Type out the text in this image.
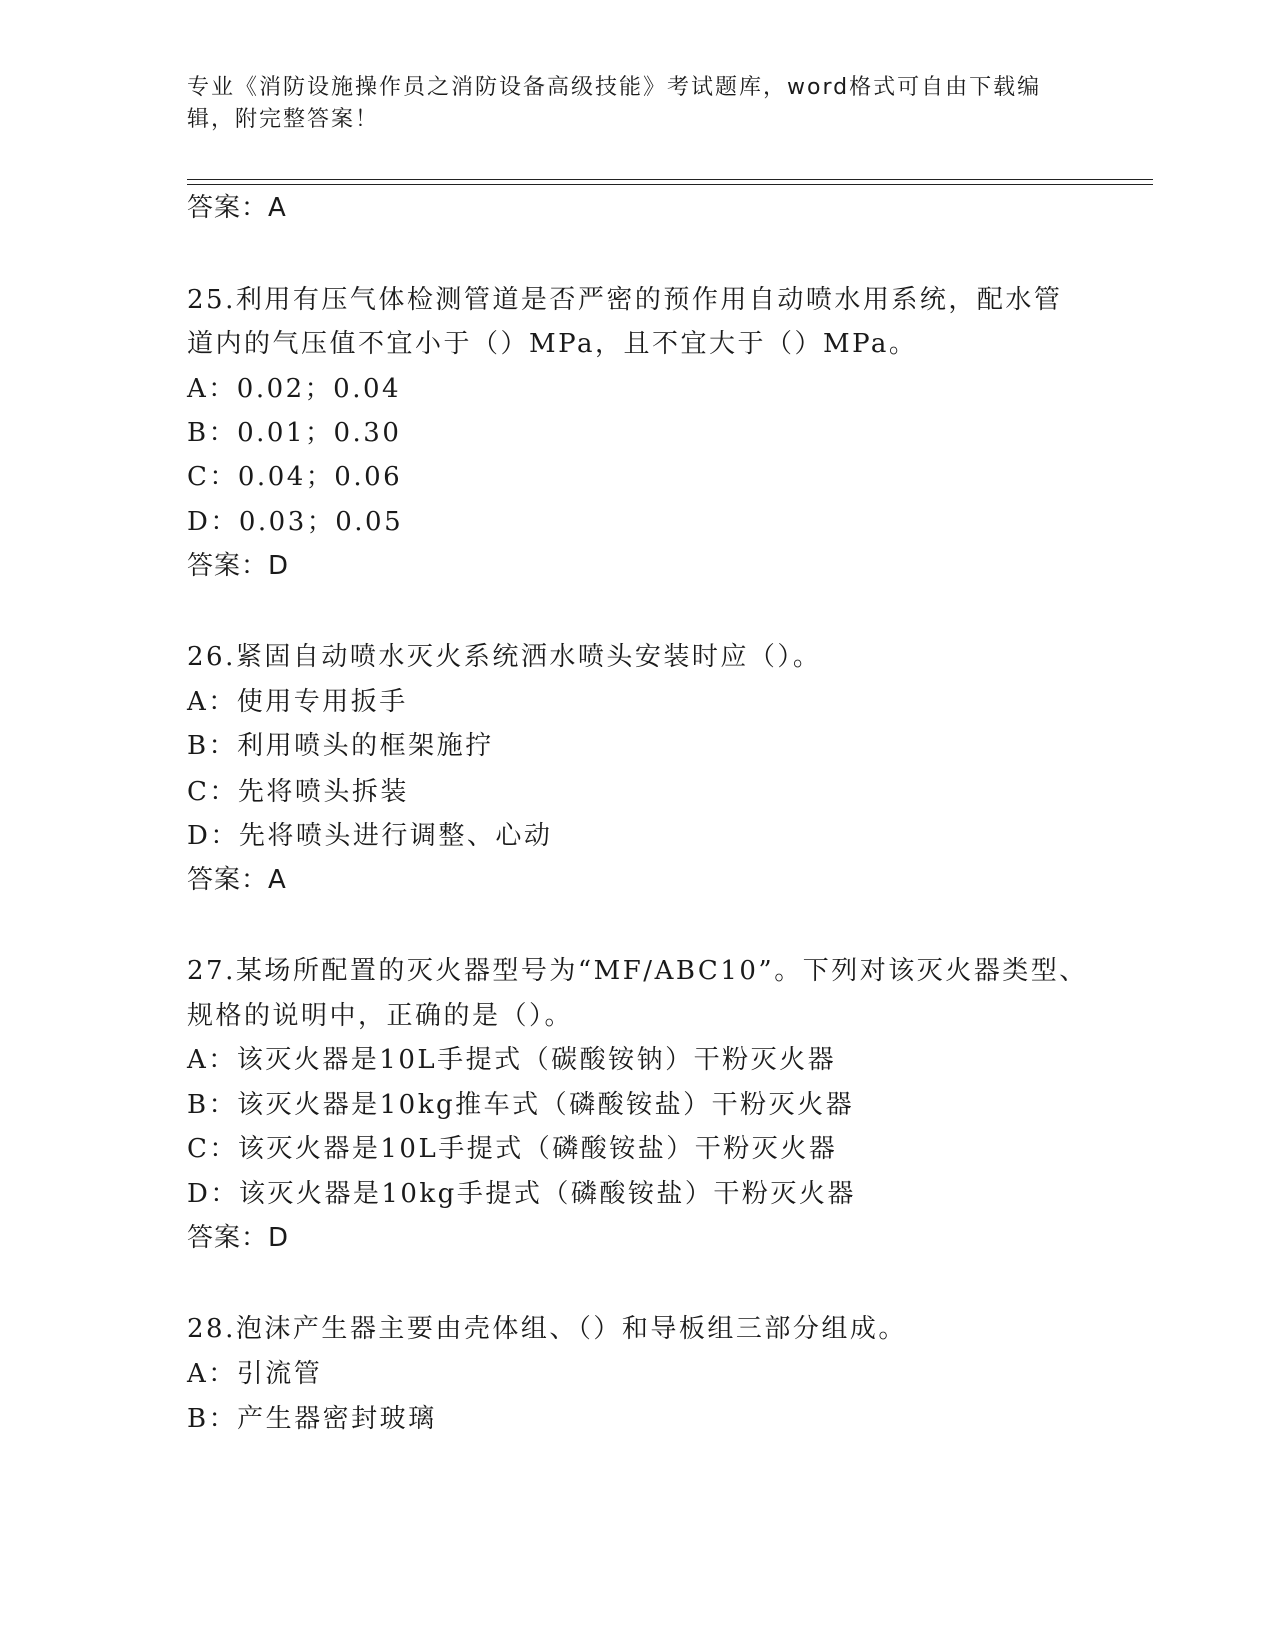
专业《消防设施操作员之消防设备高级技能》考试题库，word格式可自由下载编辑，附完整答案！
答案：A
25.利用有压气体检测管道是否严密的预作用自动喷水用系统，配水管
道内的气压值不宜小于（）MPa，且不宜大于（）MPa。
A：0.02；0.04
B：0.01；0.30
C：0.04；0.06
D：0.03；0.05
答案：D
26.紧固自动喷水灭火系统洒水喷头安装时应（）。
A：使用专用扳手
B：利用喷头的框架施拧
C：先将喷头拆装
D：先将喷头进行调整、心动
答案：A
27.某场所配置的灭火器型号为“MF/ABC10”。下列对该灭火器类型、
规格的说明中，正确的是（）。
A：该灭火器是10L手提式（碳酸铵钠）干粉灭火器
B：该灭火器是10kg推车式（磷酸铵盐）干粉灭火器
C：该灭火器是10L手提式（磷酸铵盐）干粉灭火器
D：该灭火器是10kg手提式（磷酸铵盐）干粉灭火器
答案：D
28.泡沫产生器主要由壳体组、（）和导板组三部分组成。
A：引流管
B：产生器密封玻璃
